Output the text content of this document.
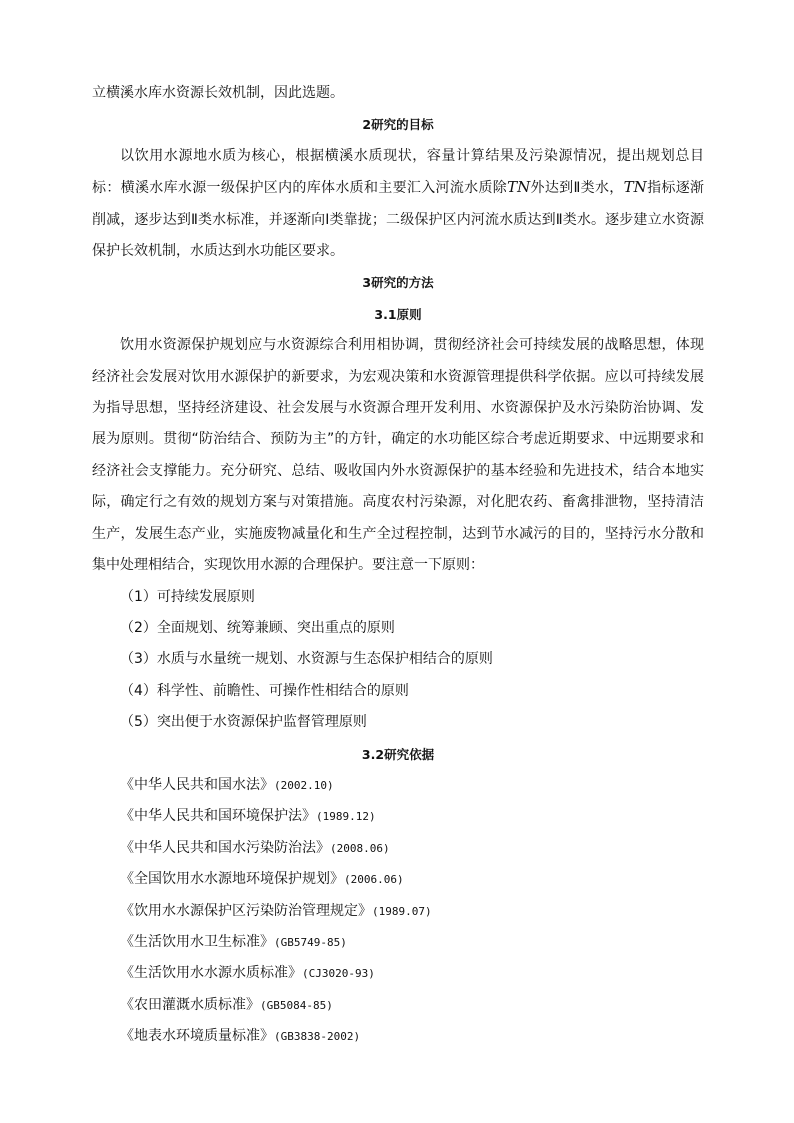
立横溪水库水资源长效机制，因此选题。

2研究的目标

以饮用水源地水质为核心，根据横溪水质现状，容量计算结果及污染源情况，提出规划总目标：横溪水库水源一级保护区内的库体水质和主要汇入河流水质除TN外达到Ⅱ类水，TN指标逐渐削减，逐步达到Ⅱ类水标准，并逐渐向Ⅰ类靠拢；二级保护区内河流水质达到Ⅱ类水。逐步建立水资源保护长效机制，水质达到水功能区要求。

3研究的方法

3.1原则

饮用水资源保护规划应与水资源综合利用相协调，贯彻经济社会可持续发展的战略思想，体现经济社会发展对饮用水源保护的新要求，为宏观决策和水资源管理提供科学依据。应以可持续发展为指导思想，坚持经济建设、社会发展与水资源合理开发利用、水资源保护及水污染防治协调、发展为原则。贯彻“防治结合、预防为主”的方针，确定的水功能区综合考虑近期要求、中远期要求和经济社会支撑能力。充分研究、总结、吸收国内外水资源保护的基本经验和先进技术，结合本地实际，确定行之有效的规划方案与对策措施。高度农村污染源，对化肥农药、畜禽排泄物，坚持清洁生产，发展生态产业，实施废物减量化和生产全过程控制，达到节水减污的目的，坚持污水分散和集中处理相结合，实现饮用水源的合理保护。要注意一下原则：

（1）可持续发展原则

（2）全面规划、统筹兼顾、突出重点的原则

（3）水质与水量统一规划、水资源与生态保护相结合的原则

（4）科学性、前瞻性、可操作性相结合的原则

（5）突出便于水资源保护监督管理原则

3.2研究依据

《中华人民共和国水法》(2002.10)

《中华人民共和国环境保护法》(1989.12)

《中华人民共和国水污染防治法》(2008.06)

《全国饮用水水源地环境保护规划》(2006.06)

《饮用水水源保护区污染防治管理规定》(1989.07)

《生活饮用水卫生标准》(GB5749-85)

《生活饮用水水源水质标准》(CJ3020-93)

《农田灌溉水质标准》(GB5084-85)

《地表水环境质量标准》(GB3838-2002)
